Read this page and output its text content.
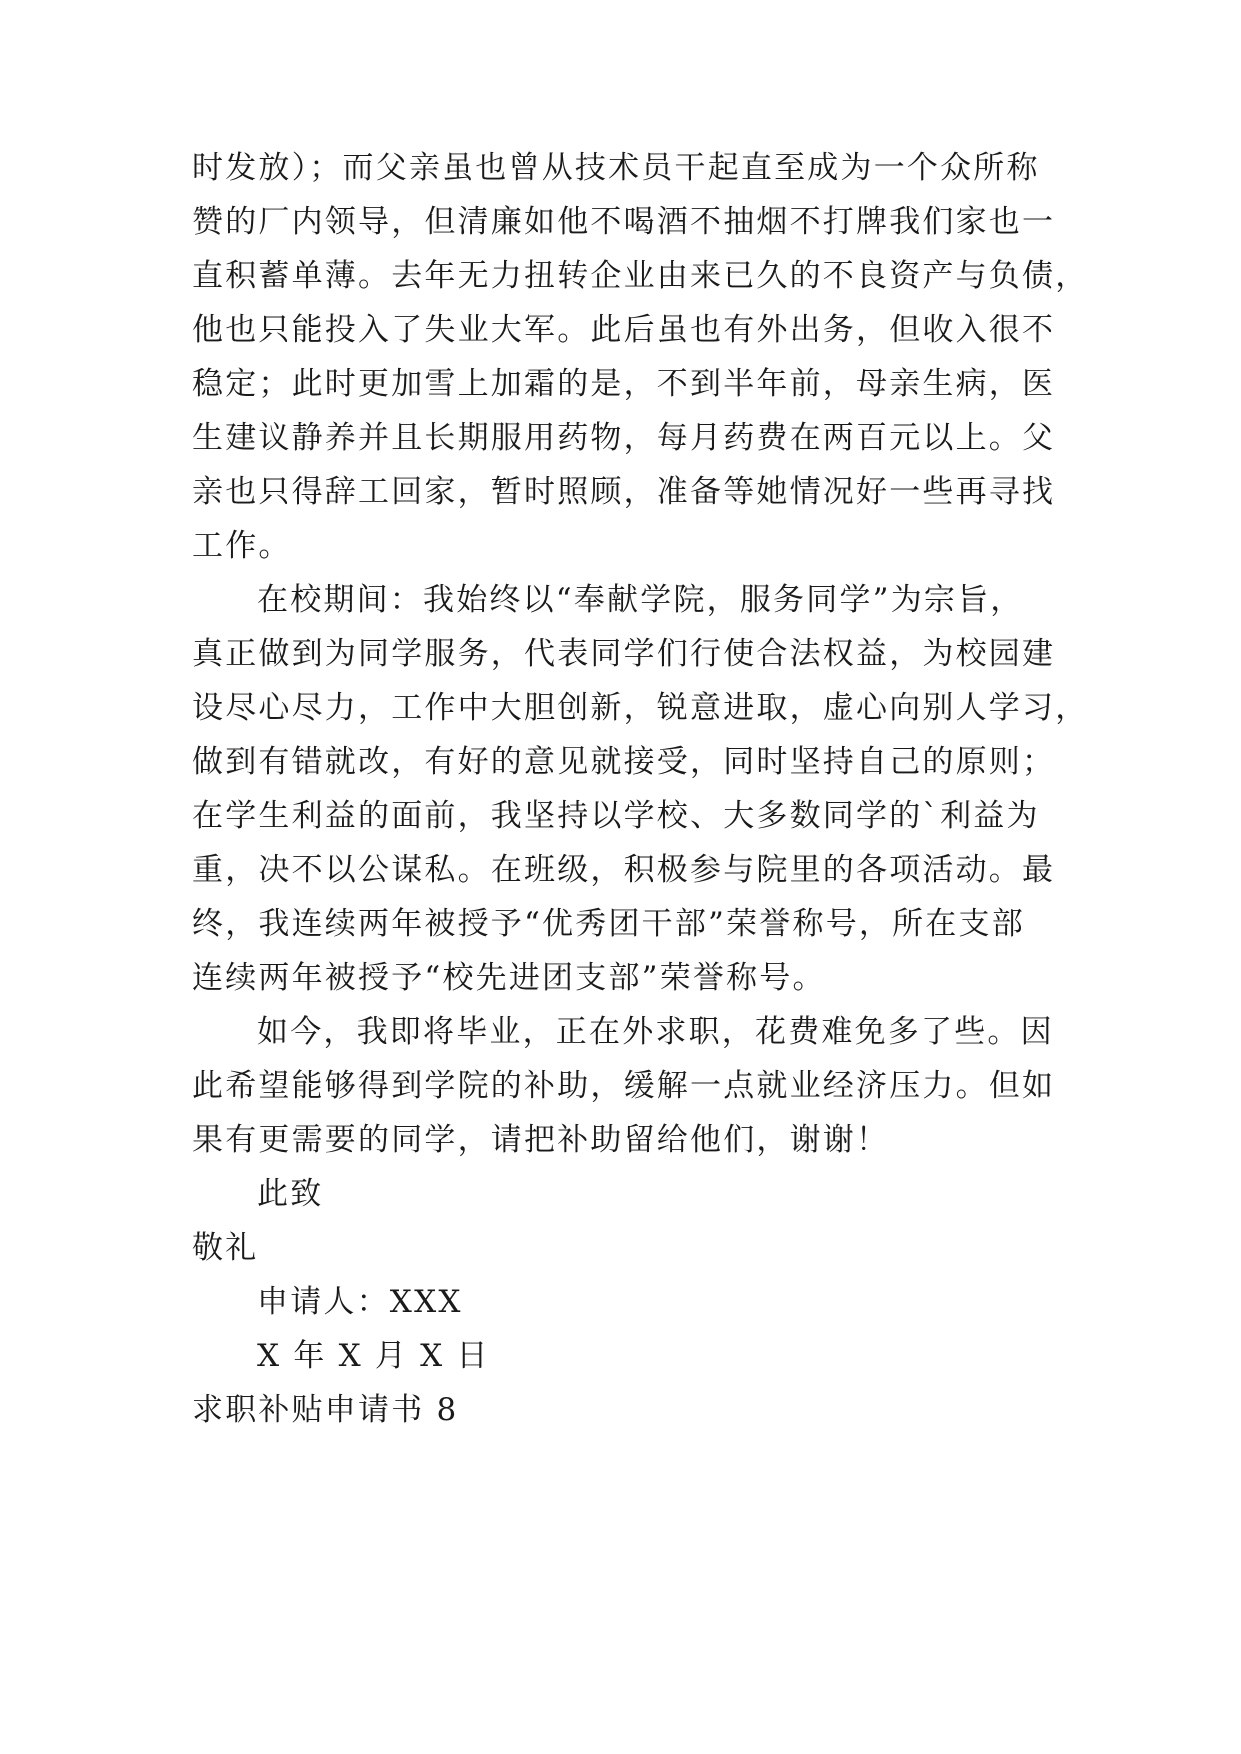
时发放）；而父亲虽也曾从技术员干起直至成为一个众所称
赞的厂内领导，但清廉如他不喝酒不抽烟不打牌我们家也一
直积蓄单薄。去年无力扭转企业由来已久的不良资产与负债，
他也只能投入了失业大军。此后虽也有外出务，但收入很不
稳定；此时更加雪上加霜的是，不到半年前，母亲生病，医
生建议静养并且长期服用药物，每月药费在两百元以上。父
亲也只得辞工回家，暂时照顾，准备等她情况好一些再寻找
工作。
在校期间：我始终以“奉献学院，服务同学”为宗旨，
真正做到为同学服务，代表同学们行使合法权益，为校园建
设尽心尽力，工作中大胆创新，锐意进取，虚心向别人学习，
做到有错就改，有好的意见就接受，同时坚持自己的原则；
在学生利益的面前，我坚持以学校、大多数同学的`利益为
重，决不以公谋私。在班级，积极参与院里的各项活动。最
终，我连续两年被授予“优秀团干部”荣誉称号，所在支部
连续两年被授予“校先进团支部”荣誉称号。
如今，我即将毕业，正在外求职，花费难免多了些。因
此希望能够得到学院的补助，缓解一点就业经济压力。但如
果有更需要的同学，请把补助留给他们，谢谢！
此致
敬礼
申请人：XXX
X 年 X 月 X 日
求职补贴申请书 8
